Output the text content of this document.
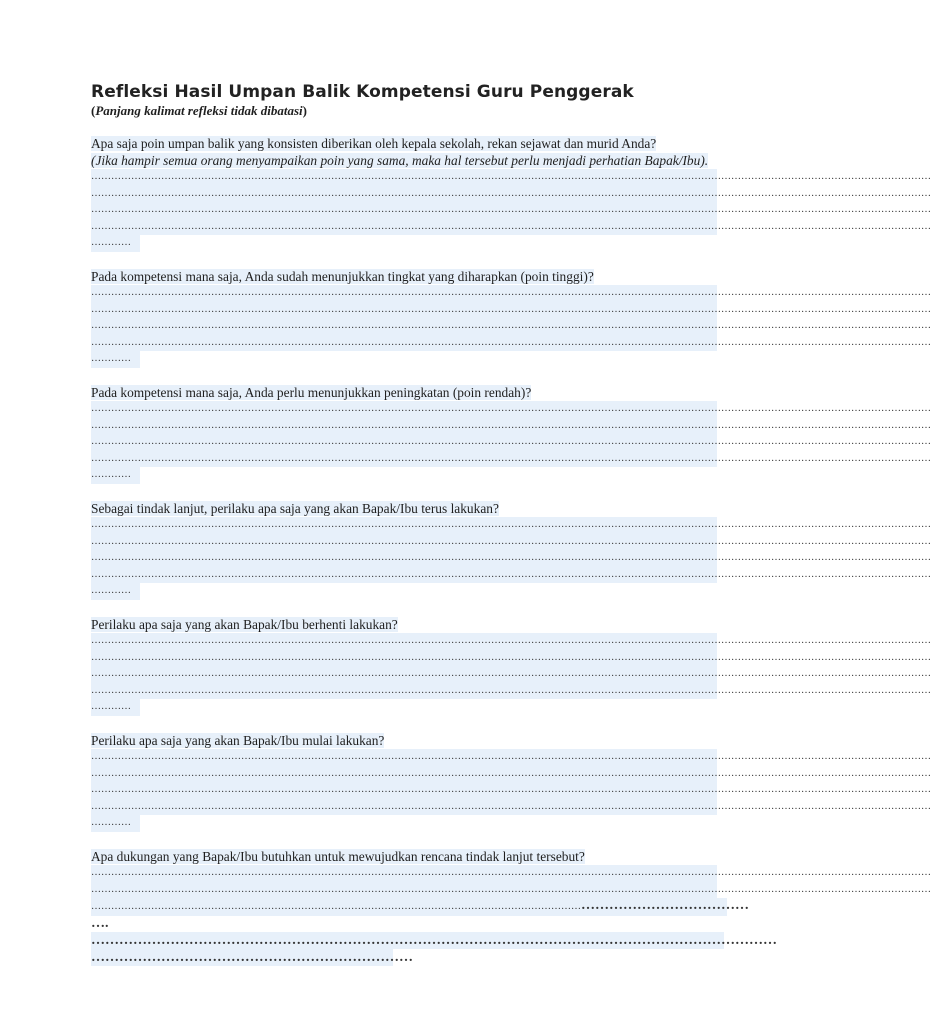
Refleksi Hasil Umpan Balik Kompetensi Guru Penggerak

(Panjang kalimat refleksi tidak dibatasi)

Apa saja poin umpan balik yang konsisten diberikan oleh kepala sekolah, rekan sejawat dan murid Anda?

(Jika hampir semua orang menyampaikan poin yang sama, maka hal tersebut perlu menjadi perhatian Bapak/Ibu).

………………………………………………………………………………………………………………………………………………………………………………………………………………………………

………………………………………………………………………………………………………………………………………………………………………………………………………………………………

………………………………………………………………………………………………………………………………………………………………………………………………………………………………

………………………………………………………………………………………………………………………………………………………………………………………………………………………………

…………

Pada kompetensi mana saja, Anda sudah menunjukkan tingkat yang diharapkan (poin tinggi)?

………………………………………………………………………………………………………………………………………………………………………………………………………………………………

………………………………………………………………………………………………………………………………………………………………………………………………………………………………

………………………………………………………………………………………………………………………………………………………………………………………………………………………………

………………………………………………………………………………………………………………………………………………………………………………………………………………………………

…………

Pada kompetensi mana saja, Anda perlu menunjukkan peningkatan (poin rendah)?

………………………………………………………………………………………………………………………………………………………………………………………………………………………………

………………………………………………………………………………………………………………………………………………………………………………………………………………………………

………………………………………………………………………………………………………………………………………………………………………………………………………………………………

………………………………………………………………………………………………………………………………………………………………………………………………………………………………

…………

Sebagai tindak lanjut, perilaku apa saja yang akan Bapak/Ibu terus lakukan?

………………………………………………………………………………………………………………………………………………………………………………………………………………………………

………………………………………………………………………………………………………………………………………………………………………………………………………………………………

………………………………………………………………………………………………………………………………………………………………………………………………………………………………

………………………………………………………………………………………………………………………………………………………………………………………………………………………………

…………

Perilaku apa saja yang akan Bapak/Ibu berhenti lakukan?

………………………………………………………………………………………………………………………………………………………………………………………………………………………………

………………………………………………………………………………………………………………………………………………………………………………………………………………………………

………………………………………………………………………………………………………………………………………………………………………………………………………………………………

………………………………………………………………………………………………………………………………………………………………………………………………………………………………

…………

Perilaku apa saja yang akan Bapak/Ibu mulai lakukan?

………………………………………………………………………………………………………………………………………………………………………………………………………………………………

………………………………………………………………………………………………………………………………………………………………………………………………………………………………

………………………………………………………………………………………………………………………………………………………………………………………………………………………………

………………………………………………………………………………………………………………………………………………………………………………………………………………………………

…………

Apa dukungan yang Bapak/Ibu butuhkan untuk mewujudkan rencana tindak lanjut tersebut?

………………………………………………………………………………………………………………………………………………………………………………………………………………………………

………………………………………………………………………………………………………………………………………………………………………………………………………………………………

…………………………………………………………………………………………………………………………………………………………………

….

…………………………………………………………………………………………………………………………………

……………………………………………………………
